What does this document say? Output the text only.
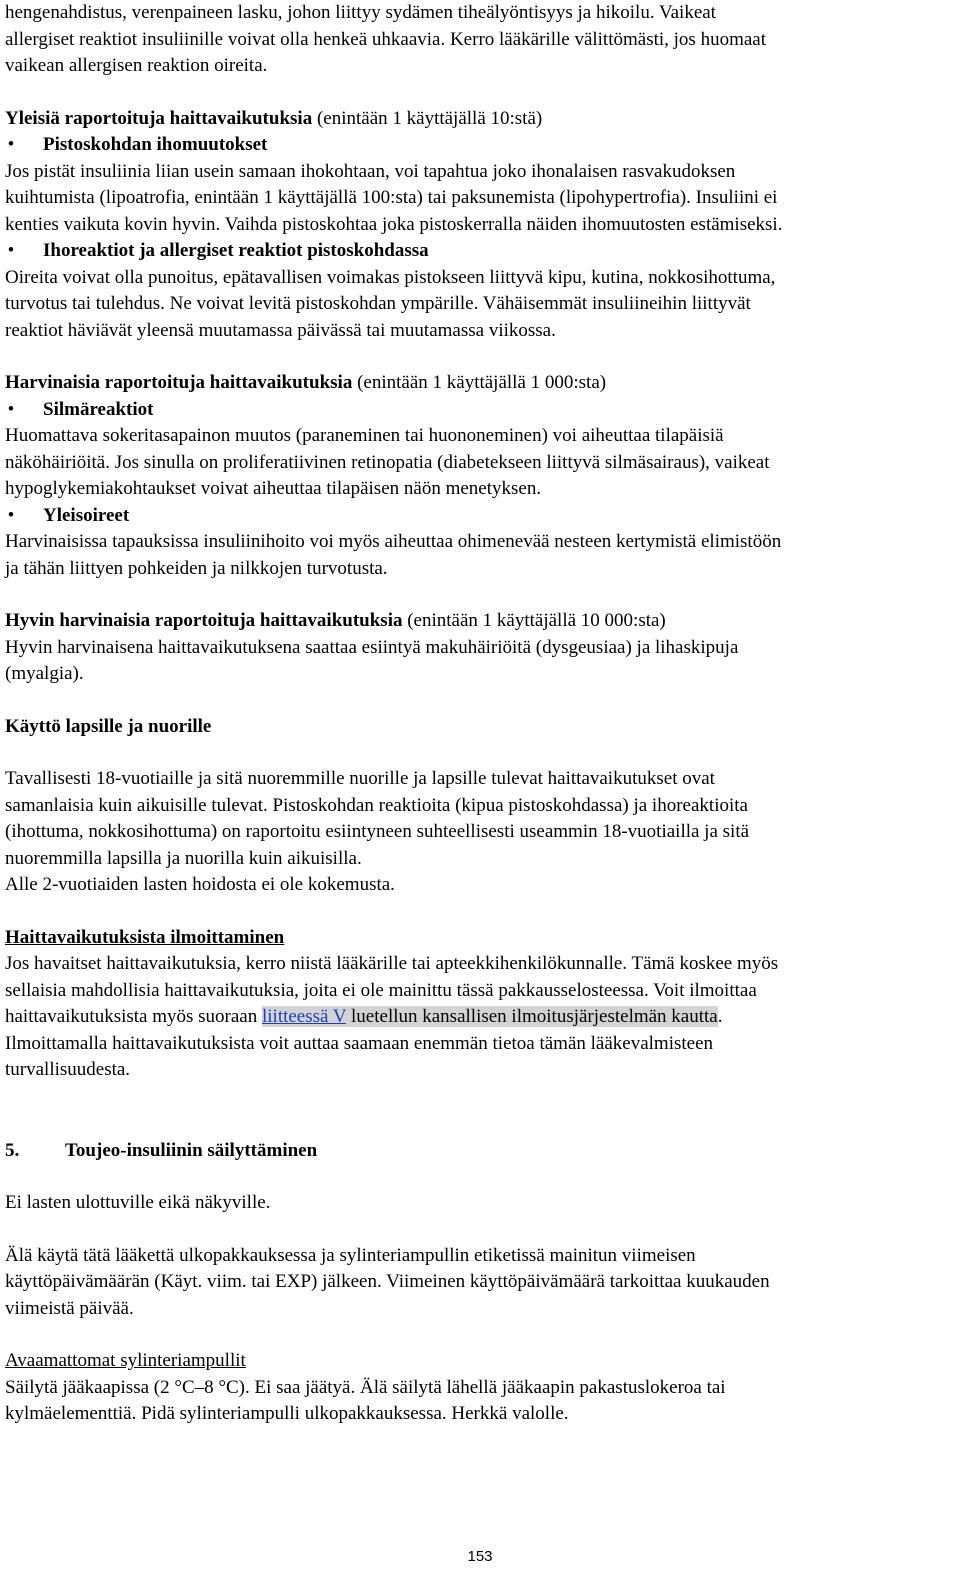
hengenahdistus, verenpaineen lasku, johon liittyy sydämen tiheälyöntisyys ja hikoilu. Vaikeat

allergiset reaktiot insuliinille voivat olla henkeä uhkaavia. Kerro lääkärille välittömästi, jos huomaat

vaikean allergisen reaktion oireita.

Yleisiä raportoituja haittavaikutuksia (enintään 1 käyttäjällä 10:stä)

• Pistoskohdan ihomuutokset

Jos pistät insuliinia liian usein samaan ihokohtaan, voi tapahtua joko ihonalaisen rasvakudoksen

kuihtumista (lipoatrofia, enintään 1 käyttäjällä 100:sta) tai paksunemista (lipohypertrofia). Insuliini ei

kenties vaikuta kovin hyvin. Vaihda pistoskohtaa joka pistoskerralla näiden ihomuutosten estämiseksi.

• Ihoreaktiot ja allergiset reaktiot pistoskohdassa

Oireita voivat olla punoitus, epätavallisen voimakas pistokseen liittyvä kipu, kutina, nokkosihottuma,

turvotus tai tulehdus. Ne voivat levitä pistoskohdan ympärille. Vähäisemmät insuliineihin liittyvät

reaktiot häviävät yleensä muutamassa päivässä tai muutamassa viikossa.

Harvinaisia raportoituja haittavaikutuksia (enintään 1 käyttäjällä 1 000:sta)

• Silmäreaktiot

Huomattava sokeritasapainon muutos (paraneminen tai huononeminen) voi aiheuttaa tilapäisiä

näköhäiriöitä. Jos sinulla on proliferatiivinen retinopatia (diabetekseen liittyvä silmäsairaus), vaikeat

hypoglykemiakohtaukset voivat aiheuttaa tilapäisen näön menetyksen.

• Yleisoireet

Harvinaisissa tapauksissa insuliinihoito voi myös aiheuttaa ohimenevää nesteen kertymistä elimistöön

ja tähän liittyen pohkeiden ja nilkkojen turvotusta.

Hyvin harvinaisia raportoituja haittavaikutuksia (enintään 1 käyttäjällä 10 000:sta)

Hyvin harvinaisena haittavaikutuksena saattaa esiintyä makuhäiriöitä (dysgeusiaa) ja lihaskipuja

(myalgia).

Käyttö lapsille ja nuorille

Tavallisesti 18-vuotiaille ja sitä nuoremmille nuorille ja lapsille tulevat haittavaikutukset ovat

samanlaisia kuin aikuisille tulevat. Pistoskohdan reaktioita (kipua pistoskohdassa) ja ihoreaktioita

(ihottuma, nokkosihottuma) on raportoitu esiintyneen suhteellisesti useammin 18-vuotiailla ja sitä

nuoremmilla lapsilla ja nuorilla kuin aikuisilla.

Alle 2-vuotiaiden lasten hoidosta ei ole kokemusta.

Haittavaikutuksista ilmoittaminen

Jos havaitset haittavaikutuksia, kerro niistä lääkärille tai apteekkihenkilökunnalle. Tämä koskee myös

sellaisia mahdollisia haittavaikutuksia, joita ei ole mainittu tässä pakkausselosteessa. Voit ilmoittaa

haittavaikutuksista myös suoraan liitteessä V luetellun kansallisen ilmoitusjärjestelmän kautta.

Ilmoittamalla haittavaikutuksista voit auttaa saamaan enemmän tietoa tämän lääkevalmisteen

turvallisuudesta.

5. Toujeo-insuliinin säilyttäminen

Ei lasten ulottuville eikä näkyville.

Älä käytä tätä lääkettä ulkopakkauksessa ja sylinteriampullin etiketissä mainitun viimeisen

käyttöpäivämäärän (Käyt. viim. tai EXP) jälkeen. Viimeinen käyttöpäivämäärä tarkoittaa kuukauden

viimeistä päivää.

Avaamattomat sylinteriampullit

Säilytä jääkaapissa (2 °C–8 °C). Ei saa jäätyä. Älä säilytä lähellä jääkaapin pakastuslokeroa tai

kylmäelementtiä. Pidä sylinteriampulli ulkopakkauksessa. Herkkä valolle.

153
